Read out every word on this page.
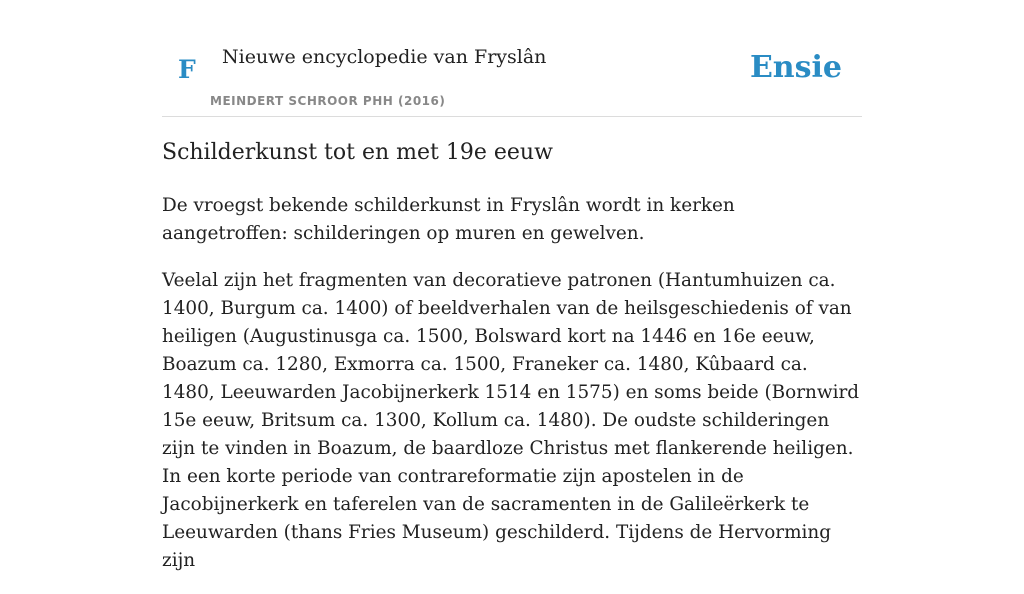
F Nieuwe encyclopedie van Fryslân
MEINDERT SCHROOR PHH (2016)
Ensie
Schilderkunst tot en met 19e eeuw

De vroegst bekende schilderkunst in Fryslân wordt in kerken aangetroffen: schilderingen op muren en gewelven.

Veelal zijn het fragmenten van decoratieve patronen (Hantumhuizen ca. 1400, Burgum ca. 1400) of beeldverhalen van de heilsgeschiedenis of van heiligen (Augustinusga ca. 1500, Bolsward kort na 1446 en 16e eeuw, Boazum ca. 1280, Exmorra ca. 1500, Franeker ca. 1480, Kûbaard ca. 1480, Leeuwarden Jacobijnerkerk 1514 en 1575) en soms beide (Bornwird 15e eeuw, Britsum ca. 1300, Kollum ca. 1480). De oudste schilderingen zijn te vinden in Boazum, de baardloze Christus met flankerende heiligen. In een korte periode van contrareformatie zijn apostelen in de Jacobijnerkerk en taferelen van de sacramenten in de Galileërkerk te Leeuwarden (thans Fries Museum) geschilderd. Tijdens de Hervorming zijn
